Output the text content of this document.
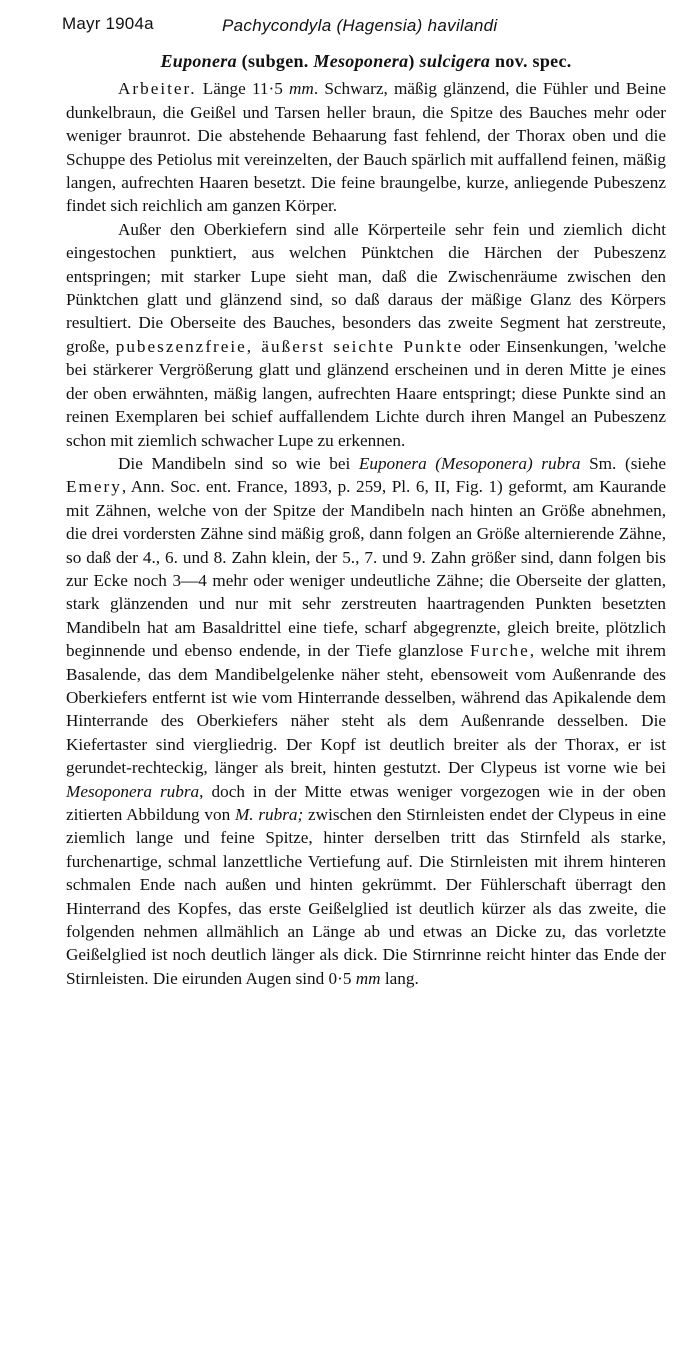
Mayr 1904a	Pachycondyla (Hagensia) havilandi
Euponera (subgen. Mesoponera) sulcigera nov. spec.

Arbeiter. Länge 11·5 mm. Schwarz, mäßig glänzend, die Fühler und Beine dunkelbraun, die Geißel und Tarsen heller braun, die Spitze des Bauches mehr oder weniger braunrot. Die abstehende Behaarung fast fehlend, der Thorax oben und die Schuppe des Petiolus mit vereinzelten, der Bauch spärlich mit auffallend feinen, mäßig langen, aufrechten Haaren besetzt. Die feine braungelbe, kurze, anliegende Pubeszenz findet sich reichlich am ganzen Körper.

Außer den Oberkiefern sind alle Körperteile sehr fein und ziemlich dicht eingestochen punktiert, aus welchen Pünktchen die Härchen der Pubeszenz entspringen; mit starker Lupe sieht man, daß die Zwischenräume zwischen den Pünktchen glatt und glänzend sind, so daß daraus der mäßige Glanz des Körpers resultiert. Die Oberseite des Bauches, besonders das zweite Segment hat zerstreute, große, pubeszenzfreie, äußerst seichte Punkte oder Einsenkungen, 'welche bei stärkerer Vergrößerung glatt und glänzend erscheinen und in deren Mitte je eines der oben erwähnten, mäßig langen, aufrechten Haare entspringt; diese Punkte sind an reinen Exemplaren bei schief auffallendem Lichte durch ihren Mangel an Pubeszenz schon mit ziemlich schwacher Lupe zu erkennen.

Die Mandibeln sind so wie bei Euponera (Mesoponera) rubra Sm. (siehe Emery, Ann. Soc. ent. France, 1893, p. 259, Pl. 6, II, Fig. 1) geformt, am Kaurande mit Zähnen, welche von der Spitze der Mandibeln nach hinten an Größe abnehmen, die drei vordersten Zähne sind mäßig groß, dann folgen an Größe alternierende Zähne, so daß der 4., 6. und 8. Zahn klein, der 5., 7. und 9. Zahn größer sind, dann folgen bis zur Ecke noch 3—4 mehr oder weniger undeutliche Zähne; die Oberseite der glatten, stark glänzenden und nur mit sehr zerstreuten haartragenden Punkten besetzten Mandibeln hat am Basaldrittel eine tiefe, scharf abgegrenzte, gleich breite, plötzlich beginnende und ebenso endende, in der Tiefe glanzlose Furche, welche mit ihrem Basalende, das dem Mandibelgelenke näher steht, ebensoweit vom Außenrande des Oberkiefers entfernt ist wie vom Hinterrande desselben, während das Apikalende dem Hinterrande des Oberkiefers näher steht als dem Außenrande desselben. Die Kiefertaster sind viergliedrig. Der Kopf ist deutlich breiter als der Thorax, er ist gerundet-rechteckig, länger als breit, hinten gestutzt. Der Clypeus ist vorne wie bei Mesoponera rubra, doch in der Mitte etwas weniger vorgezogen wie in der oben zitierten Abbildung von M. rubra; zwischen den Stirnleisten endet der Clypeus in eine ziemlich lange und feine Spitze, hinter derselben tritt das Stirnfeld als starke, furchenartige, schmal lanzettliche Vertiefung auf. Die Stirnleisten mit ihrem hinteren schmalen Ende nach außen und hinten gekrümmt. Der Fühlerschaft überragt den Hinterrand des Kopfes, das erste Geißelglied ist deutlich kürzer als das zweite, die folgenden nehmen allmählich an Länge ab und etwas an Dicke zu, das vorletzte Geißelglied ist noch deutlich länger als dick. Die Stirnrinne reicht hinter das Ende der Stirnleisten. Die eirunden Augen sind 0·5 mm lang.
